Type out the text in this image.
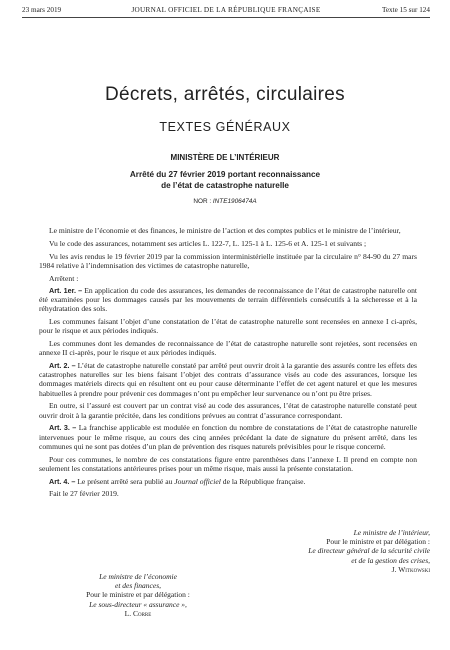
23 mars 2019	JOURNAL OFFICIEL DE LA RÉPUBLIQUE FRANÇAISE	Texte 15 sur 124
Décrets, arrêtés, circulaires
TEXTES GÉNÉRAUX
MINISTÈRE DE L’INTÉRIEUR
Arrêté du 27 février 2019 portant reconnaissance
de l’état de catastrophe naturelle
NOR : INTE1906474A

Le ministre de l’économie et des finances, le ministre de l’action et des comptes publics et le ministre de l’intérieur,

Vu le code des assurances, notamment ses articles L. 122-7, L. 125-1 à L. 125-6 et A. 125-1 et suivants ;

Vu les avis rendus le 19 février 2019 par la commission interministérielle instituée par la circulaire n° 84-90 du 27 mars 1984 relative à l’indemnisation des victimes de catastrophe naturelle,

Arrêtent :

Art. 1er. – En application du code des assurances, les demandes de reconnaissance de l’état de catastrophe naturelle ont été examinées pour les dommages causés par les mouvements de terrain différentiels consécutifs à la sécheresse et à la réhydratation des sols.

Les communes faisant l’objet d’une constatation de l’état de catastrophe naturelle sont recensées en annexe I ci-après, pour le risque et aux périodes indiqués.

Les communes dont les demandes de reconnaissance de l’état de catastrophe naturelle sont rejetées, sont recensées en annexe II ci-après, pour le risque et aux périodes indiqués.

Art. 2. – L’état de catastrophe naturelle constaté par arrêté peut ouvrir droit à la garantie des assurés contre les effets des catastrophes naturelles sur les biens faisant l’objet des contrats d’assurance visés au code des assurances, lorsque les dommages matériels directs qui en résultent ont eu pour cause déterminante l’effet de cet agent naturel et que les mesures habituelles à prendre pour prévenir ces dommages n’ont pu empêcher leur survenance ou n’ont pu être prises.

En outre, si l’assuré est couvert par un contrat visé au code des assurances, l’état de catastrophe naturelle constaté peut ouvrir droit à la garantie précitée, dans les conditions prévues au contrat d’assurance correspondant.

Art. 3. – La franchise applicable est modulée en fonction du nombre de constatations de l’état de catastrophe naturelle intervenues pour le même risque, au cours des cinq années précédant la date de signature du présent arrêté, dans les communes qui ne sont pas dotées d’un plan de prévention des risques naturels prévisibles pour le risque concerné.

Pour ces communes, le nombre de ces constatations figure entre parenthèses dans l’annexe I. Il prend en compte non seulement les constatations antérieures prises pour un même risque, mais aussi la présente constatation.

Art. 4. – Le présent arrêté sera publié au Journal officiel de la République française.

Fait le 27 février 2019.

Le ministre de l’intérieur,
Pour le ministre et par délégation :
Le directeur général de la sécurité civile
et de la gestion des crises,
J. Witkowski
Le ministre de l’économie
et des finances,
Pour le ministre et par délégation :
Le sous-directeur « assurance »,
L. Corre
